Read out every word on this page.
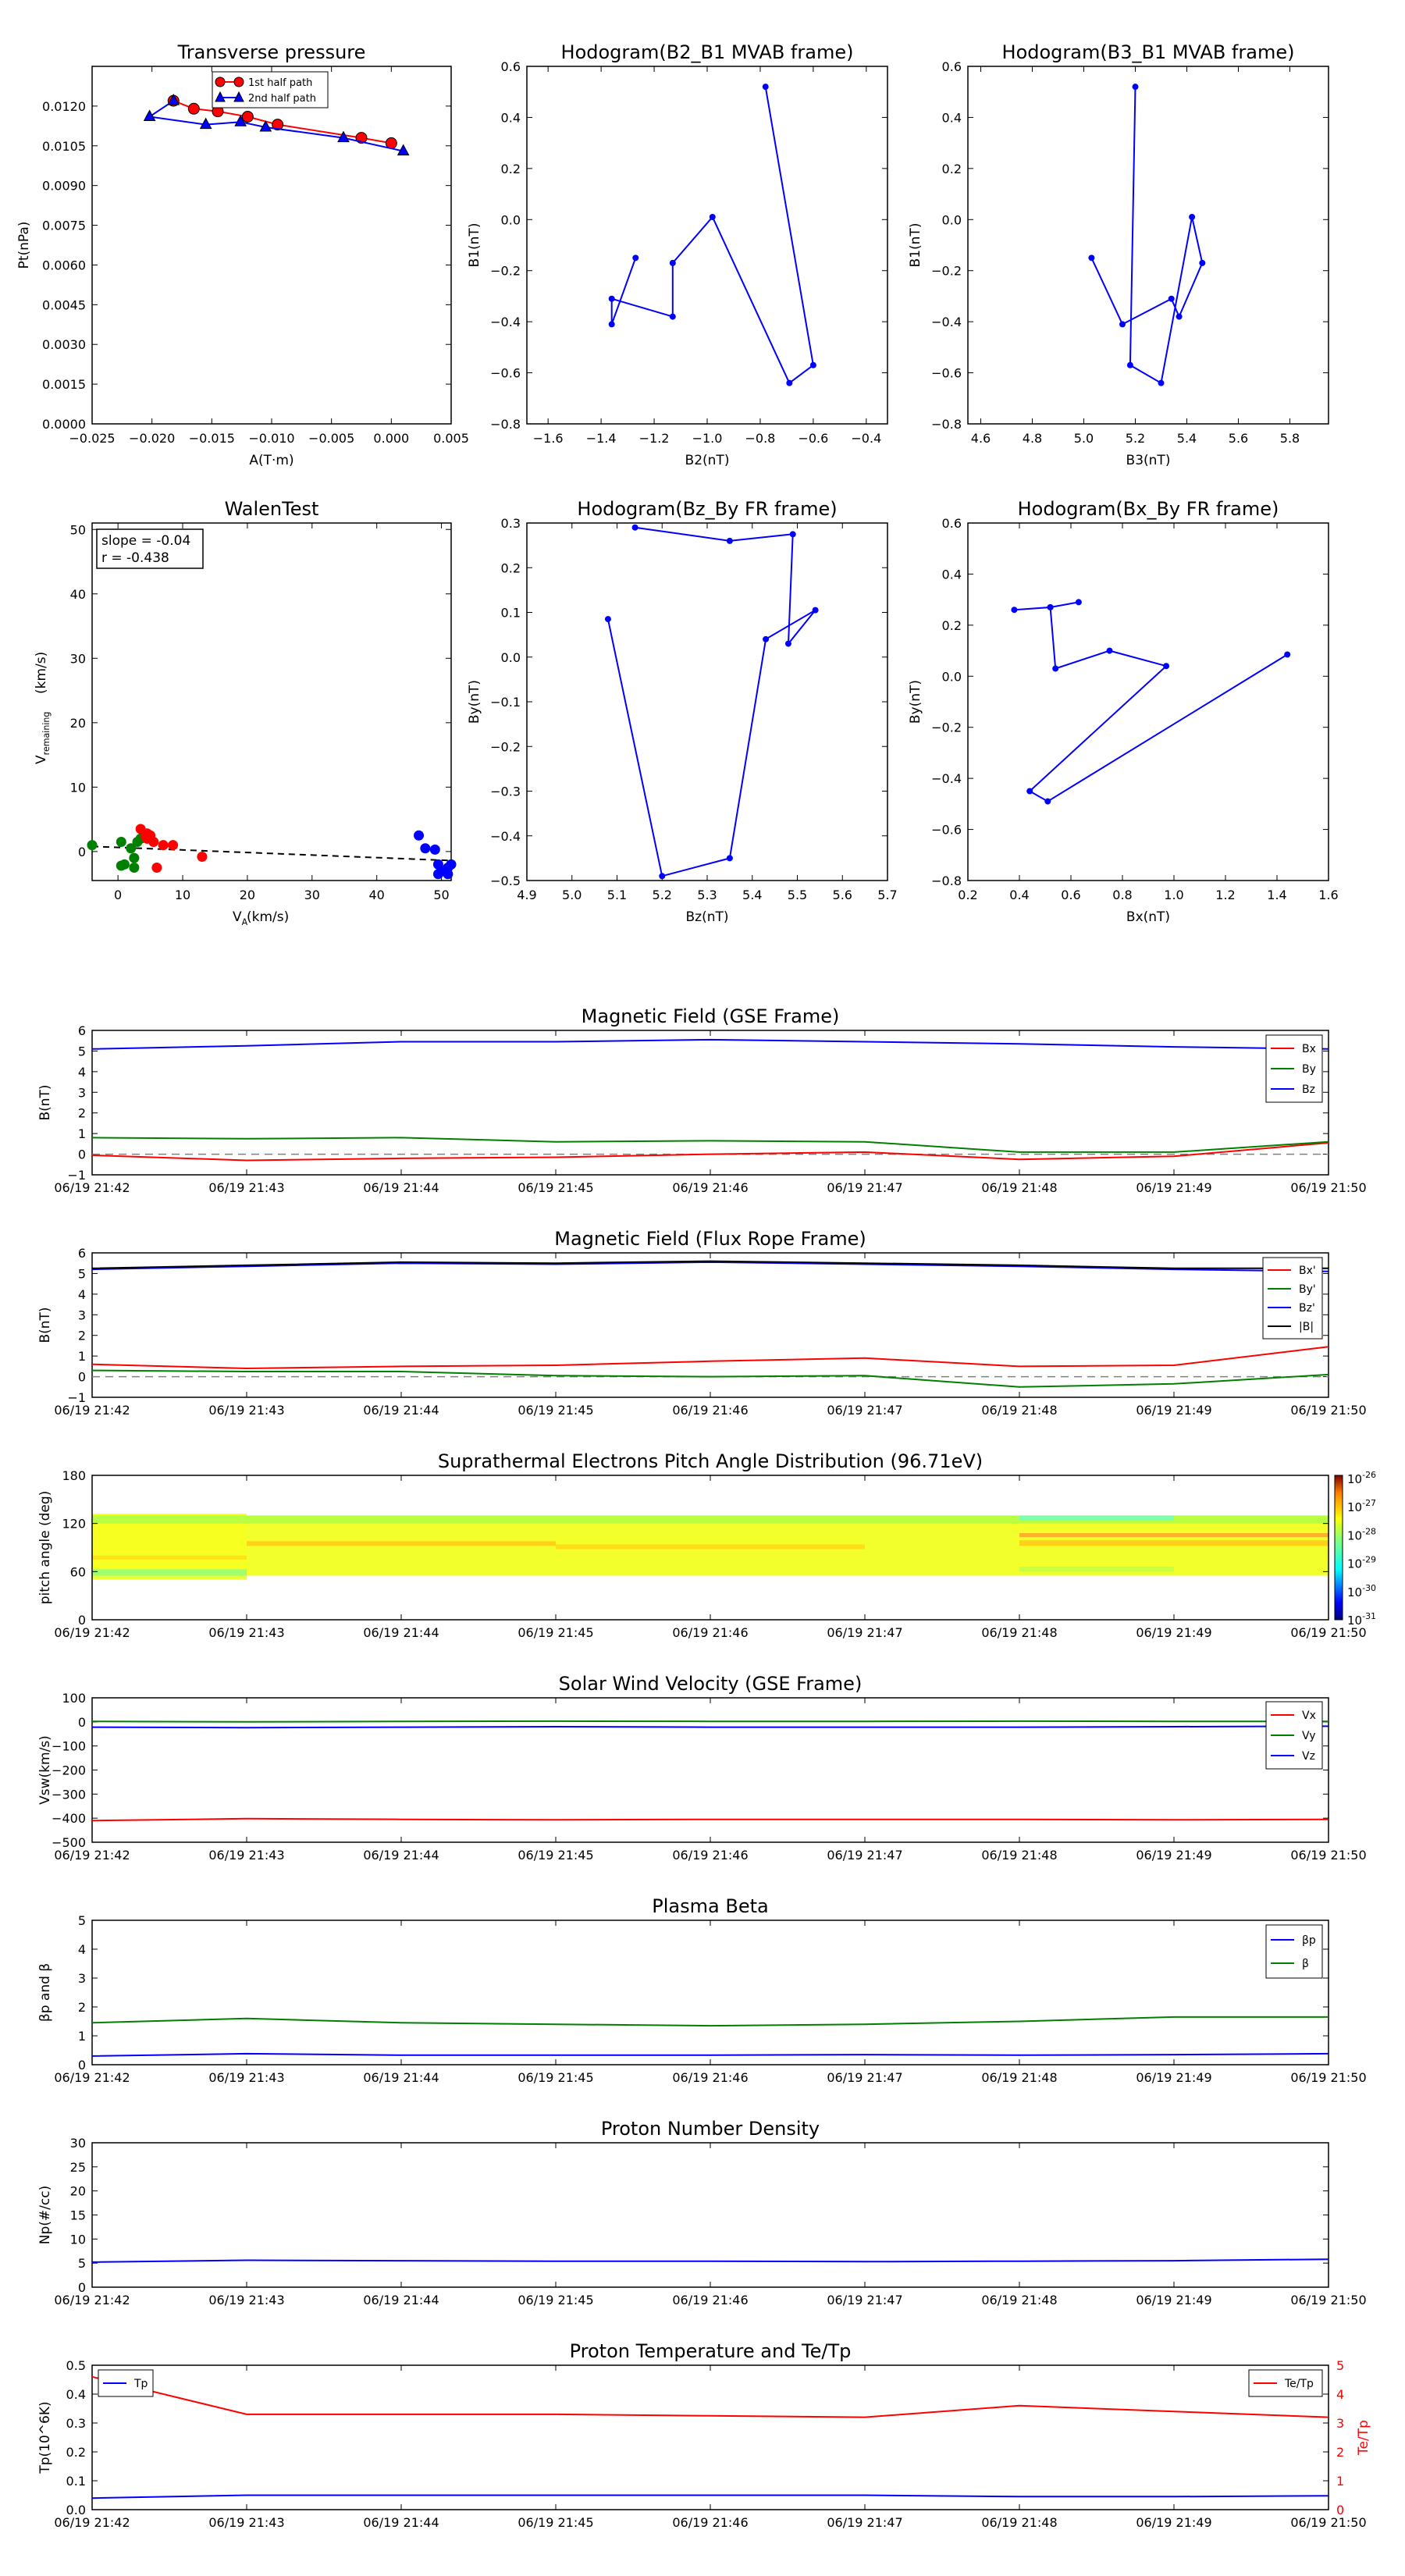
Transverse pressure
−0.025 −0.020 −0.015 −0.010 −0.005 0.000 0.005
0.0000
0.0015
0.0030
0.0045
0.0060
0.0075
0.0090
0.0105
0.0120
A(T·m)
Pt(nPa)
1st half path
2nd half path
Hodogram(B2_B1 MVAB frame)
−1.6 −1.4 −1.2 −1.0 −0.8 −0.6 −0.4
−0.8
−0.6
−0.4
−0.2
0.0
0.2
0.4
0.6
B2(nT)
B1(nT)
Hodogram(B3_B1 MVAB frame)
4.6	4.8	5.0	5.2	5.4	5.6	5.8
−0.8
−0.6
−0.4
−0.2
0.0
0.2
0.4
0.6
B3(nT)
B1(nT)
WalenTest
0	10	20	30	40	50
0
10
20
30
40
50
$V_A$
(km/s)
$V_{remaining}$
(km/s)
slope = -0.04
r = -0.438
Hodogram(Bz_By FR frame)
4.9 5.0 5.1 5.2 5.3 5.4 5.5 5.6 5.7
−0.5
−0.4
−0.3
−0.2
−0.1
0.0
0.1
0.2
0.3
Bz(nT)
By(nT)
Hodogram(Bx_By FR frame)
0.2	0.4	0.6	0.8	1.0	1.2	1.4	1.6
−0.8
−0.6
−0.4
−0.2
0.0
0.2
0.4
0.6
Bx(nT)
By(nT)
Magnetic Field (GSE Frame)
06/19 21:42	06/19 21:43	06/19 21:44	06/19 21:45	06/19 21:46	06/19 21:47	06/19 21:48	06/19 21:49	06/19 21:50
−1
0
1
2
3
4
5
6
B(nT)
Bx
By
Bz
Magnetic Field (Flux Rope Frame)
06/19 21:42	06/19 21:43	06/19 21:44	06/19 21:45	06/19 21:46	06/19 21:47	06/19 21:48	06/19 21:49	06/19 21:50
−1
0
1
2
3
4
5
6
B(nT)
Bx'
By'
Bz'
|B|
Suprathermal Electrons Pitch Angle Distribution (96.71eV)
06/19 21:42	06/19 21:43	06/19 21:44	06/19 21:45	06/19 21:46	06/19 21:47	06/19 21:48	06/19 21:49	06/19 21:50
0
60
120
180
pitch angle (deg)
$10^{-26}$
$10^{-27}$
$10^{-28}$
$10^{-29}$
$10^{-30}$
$10^{-31}$
Solar Wind Velocity (GSE Frame)
06/19 21:42	06/19 21:43	06/19 21:44	06/19 21:45	06/19 21:46	06/19 21:47	06/19 21:48	06/19 21:49	06/19 21:50
−500
−400
−300
−200
−100
0
100
Vsw(km/s)
Vx
Vy
Vz
Plasma Beta
06/19 21:42	06/19 21:43	06/19 21:44	06/19 21:45	06/19 21:46	06/19 21:47	06/19 21:48	06/19 21:49	06/19 21:50
0
1
2
3
4
5
βp and β
βp
β
Proton Number Density
06/19 21:42	06/19 21:43	06/19 21:44	06/19 21:45	06/19 21:46	06/19 21:47	06/19 21:48	06/19 21:49	06/19 21:50
0
5
10
15
20
25
30
Np(#/cc)
Proton Temperature and Te/Tp
06/19 21:42	06/19 21:43	06/19 21:44	06/19 21:45	06/19 21:46	06/19 21:47	06/19 21:48	06/19 21:49	06/19 21:50
0.0
0.1
0.2
0.3
0.4
0.5
Tp(10^6K)
0
1
2
3
4
5
Te/Tp
Tp	Te/Tp
